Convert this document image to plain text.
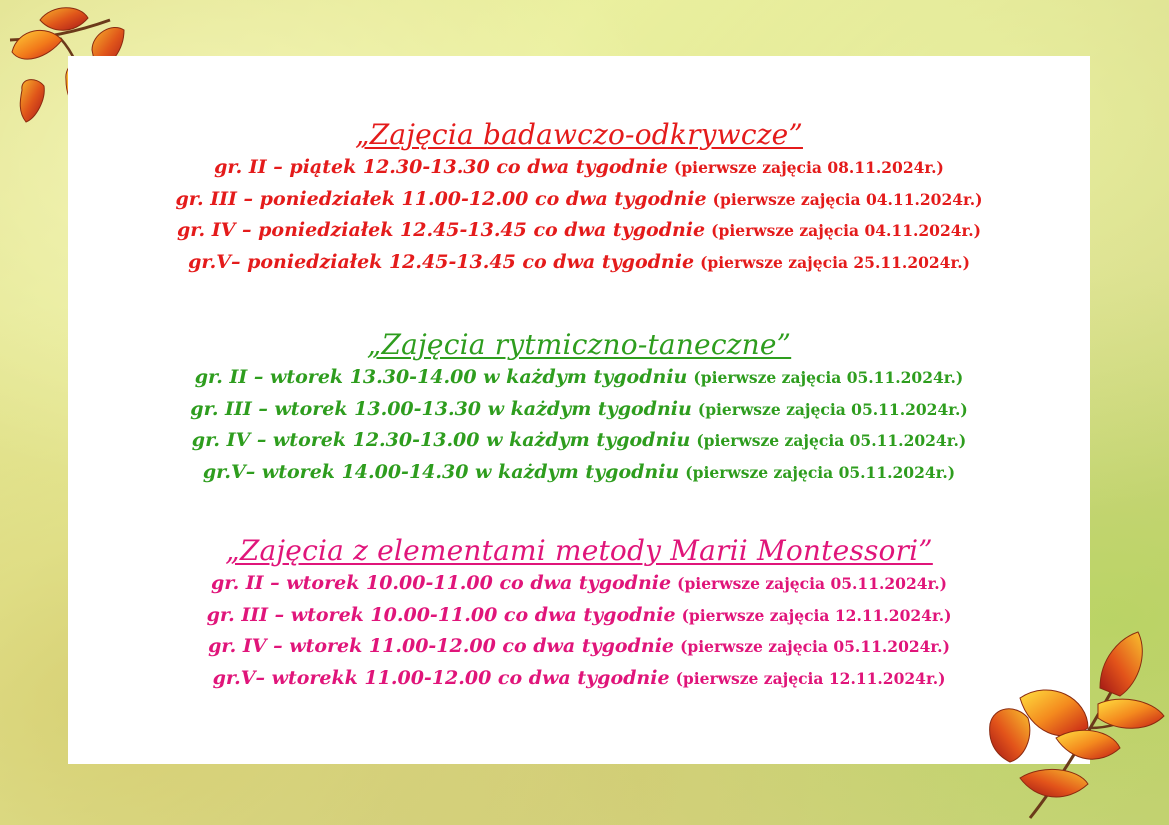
„Zajęcia badawczo-odkrywcze”
gr. II – piątek 12.30-13.30 co dwa tygodnie (pierwsze zajęcia 08.11.2024r.)
gr. III – poniedziałek 11.00-12.00 co dwa tygodnie (pierwsze zajęcia 04.11.2024r.)
gr. IV – poniedziałek 12.45-13.45 co dwa tygodnie (pierwsze zajęcia 04.11.2024r.)
gr.V– poniedziałek 12.45-13.45 co dwa tygodnie (pierwsze zajęcia 25.11.2024r.)
„Zajęcia rytmiczno-taneczne”
gr. II – wtorek 13.30-14.00 w każdym tygodniu (pierwsze zajęcia 05.11.2024r.)
gr. III – wtorek 13.00-13.30 w każdym tygodniu (pierwsze zajęcia 05.11.2024r.)
gr. IV – wtorek 12.30-13.00 w każdym tygodniu (pierwsze zajęcia 05.11.2024r.)
gr.V– wtorek 14.00-14.30 w każdym tygodniu (pierwsze zajęcia 05.11.2024r.)
„Zajęcia z elementami metody Marii Montessori”
gr. II – wtorek 10.00-11.00 co dwa tygodnie (pierwsze zajęcia 05.11.2024r.)
gr. III – wtorek 10.00-11.00 co dwa tygodnie (pierwsze zajęcia 12.11.2024r.)
gr. IV – wtorek 11.00-12.00 co dwa tygodnie (pierwsze zajęcia 05.11.2024r.)
gr.V– wtorekk 11.00-12.00 co dwa tygodnie (pierwsze zajęcia 12.11.2024r.)
